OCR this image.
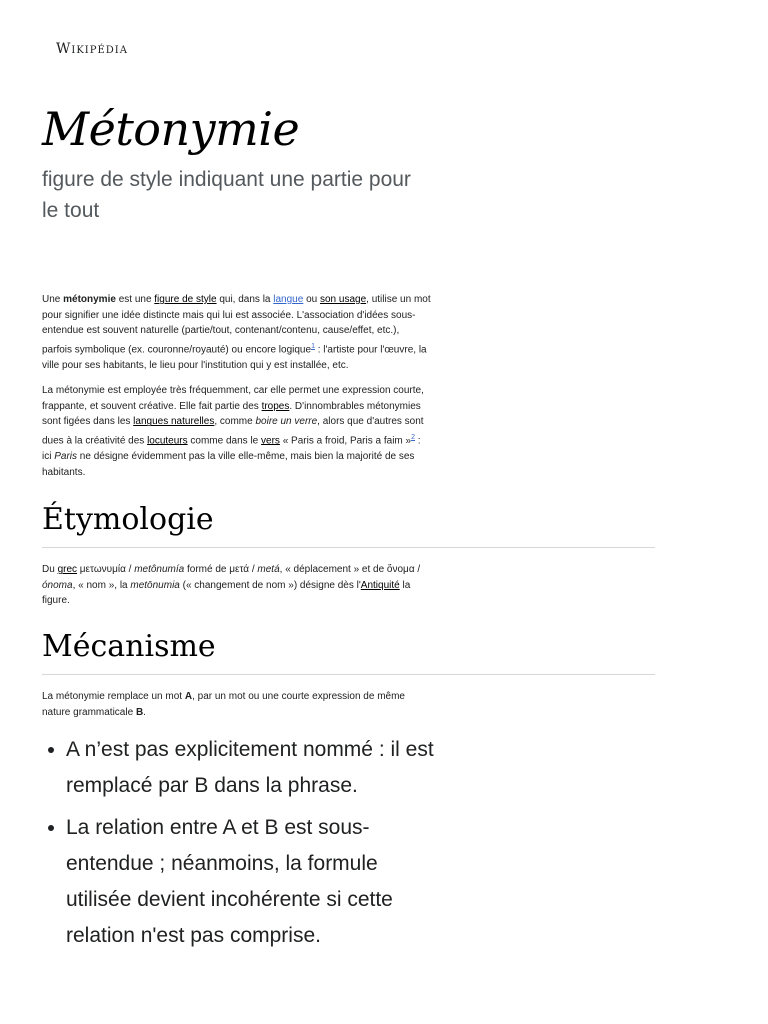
Wikipédia
Métonymie

figure de style indiquant une partie pour le tout

Une métonymie est une figure de style qui, dans la langue ou son usage, utilise un mot pour signifier une idée distincte mais qui lui est associée. L'association d'idées sous-entendue est souvent naturelle (partie/tout, contenant/contenu, cause/effet, etc.), parfois symbolique (ex. couronne/royauté) ou encore logique$^1$ : l'artiste pour l'œuvre, la ville pour ses habitants, le lieu pour l'institution qui y est installée, etc.

La métonymie est employée très fréquemment, car elle permet une expression courte, frappante, et souvent créative. Elle fait partie des tropes. D'innombrables métonymies sont figées dans les langues naturelles, comme boire un verre, alors que d'autres sont dues à la créativité des locuteurs comme dans le vers « Paris a froid, Paris a faim »$^2$ : ici Paris ne désigne évidemment pas la ville elle-même, mais bien la majorité de ses habitants.

Étymologie

Du grec μετωνυμία / metônumía formé de μετά / metá, « déplacement » et de ὄνομα / ónoma, « nom », la metōnumia (« changement de nom ») désigne dès l'Antiquité la figure.

Mécanisme

La métonymie remplace un mot A, par un mot ou une courte expression de même nature grammaticale B.

A n’est pas explicitement nommé : il est remplacé par B dans la phrase.
La relation entre A et B est sous-entendue ; néanmoins, la formule utilisée devient incohérente si cette relation n'est pas comprise.
